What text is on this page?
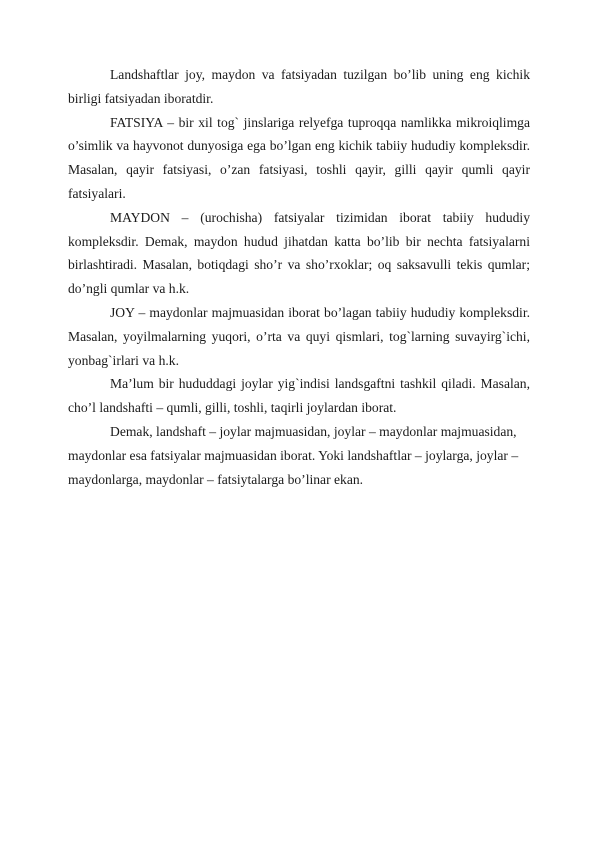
Landshaftlar joy, maydon va fatsiyadan tuzilgan bo’lib uning eng kichik birligi fatsiyadan iboratdir.

FATSIYA – bir xil tog` jinslariga relyefga tuproqqa namlikka mikroiqlimga o’simlik va hayvonot dunyosiga ega bo’lgan eng kichik tabiiy hududiy kompleksdir. Masalan, qayir fatsiyasi, o’zan fatsiyasi, toshli qayir, gilli qayir qumli qayir fatsiyalari.

MAYDON – (urochisha) fatsiyalar tizimidan iborat tabiiy hududiy kompleksdir. Demak, maydon hudud jihatdan katta bo’lib bir nechta fatsiyalarni birlashtiradi. Masalan, botiqdagi sho’r va sho’rxoklar; oq saksavulli tekis qumlar; do’ngli qumlar va h.k.

JOY – maydonlar majmuasidan iborat bo’lagan tabiiy hududiy kompleksdir. Masalan, yoyilmalarning yuqori, o’rta va quyi qismlari, tog`larning suvayirg`ichi, yonbag`irlari va h.k.

Ma’lum bir hududdagi joylar yig`indisi landsgaftni tashkil qiladi. Masalan, cho’l landshafti – qumli, gilli, toshli, taqirli joylardan iborat.

Demak, landshaft – joylar majmuasidan, joylar – maydonlar majmuasidan, maydonlar esa fatsiyalar majmuasidan iborat. Yoki landshaftlar – joylarga, joylar – maydonlarga, maydonlar – fatsiytalarga bo’linar ekan.
